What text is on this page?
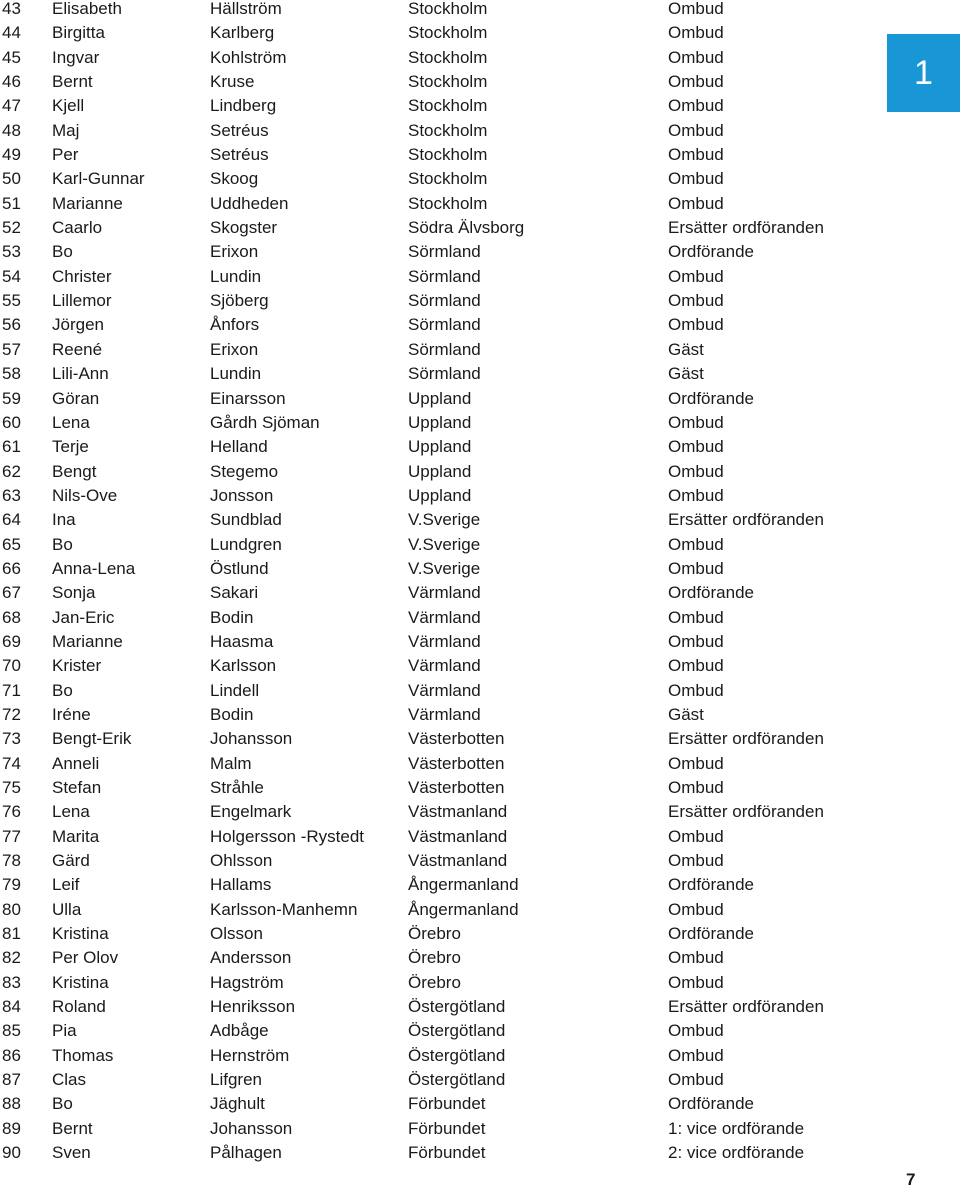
43	Elisabeth	Hällström	Stockholm	Ombud
44	Birgitta	Karlberg	Stockholm	Ombud
45	Ingvar	Kohlström	Stockholm	Ombud
46	Bernt	Kruse	Stockholm	Ombud
47	Kjell	Lindberg	Stockholm	Ombud
48	Maj	Setréus	Stockholm	Ombud
49	Per	Setréus	Stockholm	Ombud
50	Karl-Gunnar	Skoog	Stockholm	Ombud
51	Marianne	Uddheden	Stockholm	Ombud
52	Caarlo	Skogster	Södra Älvsborg	Ersätter ordföranden
53	Bo	Erixon	Sörmland	Ordförande
54	Christer	Lundin	Sörmland	Ombud
55	Lillemor	Sjöberg	Sörmland	Ombud
56	Jörgen	Ånfors	Sörmland	Ombud
57	Reené	Erixon	Sörmland	Gäst
58	Lili-Ann	Lundin	Sörmland	Gäst
59	Göran	Einarsson	Uppland	Ordförande
60	Lena	Gårdh Sjöman	Uppland	Ombud
61	Terje	Helland	Uppland	Ombud
62	Bengt	Stegemo	Uppland	Ombud
63	Nils-Ove	Jonsson	Uppland	Ombud
64	Ina	Sundblad	V.Sverige	Ersätter ordföranden
65	Bo	Lundgren	V.Sverige	Ombud
66	Anna-Lena	Östlund	V.Sverige	Ombud
67	Sonja	Sakari	Värmland	Ordförande
68	Jan-Eric	Bodin	Värmland	Ombud
69	Marianne	Haasma	Värmland	Ombud
70	Krister	Karlsson	Värmland	Ombud
71	Bo	Lindell	Värmland	Ombud
72	Iréne	Bodin	Värmland	Gäst
73	Bengt-Erik	Johansson	Västerbotten	Ersätter ordföranden
74	Anneli	Malm	Västerbotten	Ombud
75	Stefan	Stråhle	Västerbotten	Ombud
76	Lena	Engelmark	Västmanland	Ersätter ordföranden
77	Marita	Holgersson -Rystedt	Västmanland	Ombud
78	Gärd	Ohlsson	Västmanland	Ombud
79	Leif	Hallams	Ångermanland	Ordförande
80	Ulla	Karlsson-Manhemn	Ångermanland	Ombud
81	Kristina	Olsson	Örebro	Ordförande
82	Per Olov	Andersson	Örebro	Ombud
83	Kristina	Hagström	Örebro	Ombud
84	Roland	Henriksson	Östergötland	Ersätter ordföranden
85	Pia	Adbåge	Östergötland	Ombud
86	Thomas	Hernström	Östergötland	Ombud
87	Clas	Lifgren	Östergötland	Ombud
88	Bo	Jäghult	Förbundet	Ordförande
89	Bernt	Johansson	Förbundet	1: vice ordförande
90	Sven	Pålhagen	Förbundet	2: vice ordförande
1
7
